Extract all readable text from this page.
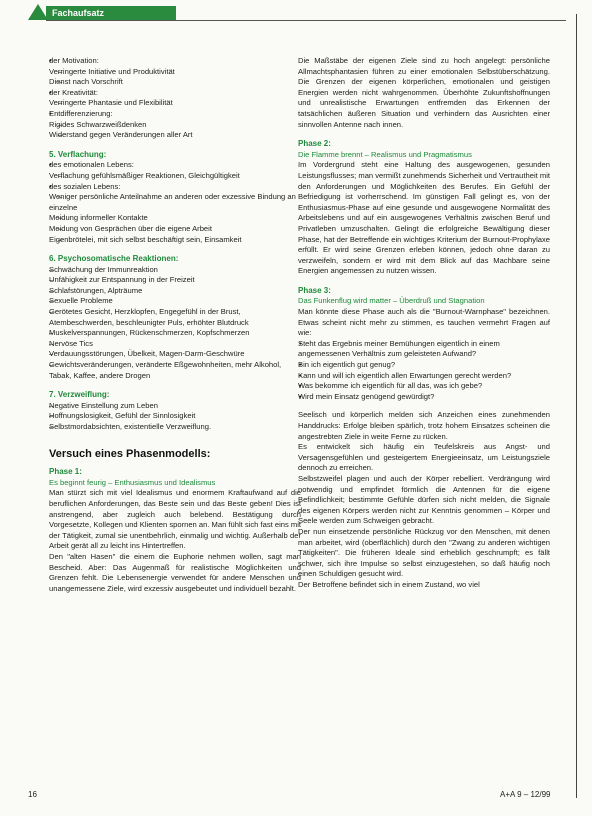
Fachaufsatz
• der Motivation:
– Verringerte Initiative und Produktivität
– Dienst nach Vorschrift
• der Kreativität:
– Verringerte Phantasie und Flexibilität
• Entdifferenzierung:
– Rigides Schwarzweißdenken
– Widerstand gegen Veränderungen aller Art
5. Verflachung:
• des emotionalen Lebens:
– Verflachung gefühlsmäßiger Reaktionen, Gleichgültigkeit
• des sozialen Lebens:
– Weniger persönliche Anteilnahme an anderen oder exzessive Bindung an einzelne
– Meidung informeller Kontakte
– Meidung von Gesprächen über die eigene Arbeit
– Eigenbrötelei, mit sich selbst beschäftigt sein, Einsamkeit
6. Psychosomatische Reaktionen:
– Schwächung der Immunreaktion
– Unfähigkeit zur Entspannung in der Freizeit
– Schlafstörungen, Alpträume
– Sexuelle Probleme
– Gerötetes Gesicht, Herzklopfen, Engegefühl in der Brust, Atembeschwerden, beschleunigter Puls, erhöhter Blutdruck
– Muskelverspannungen, Rückenschmerzen, Kopfschmerzen
– Nervöse Tics
– Verdauungsstörungen, Übelkeit, Magen-Darm-Geschwüre
– Gewichtsveränderungen, veränderte Eßgewohnheiten, mehr Alkohol, Tabak, Kaffee, andere Drogen
7. Verzweiflung:
– Negative Einstellung zum Leben
– Hoffnungslosigkeit, Gefühl der Sinnlosigkeit
– Selbstmordabsichten, existentielle Verzweiflung.
Versuch eines Phasenmodells:
Phase 1:
Es beginnt feurig – Enthusiasmus und Idealismus

Man stürzt sich mit viel Idealismus und enormem Kraftaufwand auf die beruflichen Anforderungen, das Beste sein und das Beste geben! Dies ist anstrengend, aber zugleich auch belebend. Bestätigung durch Vorgesetzte, Kollegen und Klienten spornen an. Man fühlt sich fast eins mit der Tätigkeit, zumal sie unentbehrlich, einmalig und wichtig. Außerhalb der Arbeit gerät all zu leicht ins Hintertreffen.

Den "alten Hasen" die einem die Euphorie nehmen wollen, sagt man Bescheid. Aber: Das Augenmaß für realistische Möglichkeiten und Grenzen fehlt. Die Lebensenergie verwendet für andere Menschen und unangemessene Ziele, wird exzessiv ausgebeutet und individuell bezahlt.

Die Maßstäbe der eigenen Ziele sind zu hoch angelegt: persönliche Allmachtsphantasien führen zu einer emotionalen Selbstüberschätzung. Die Grenzen der eigenen körperlichen, emotionalen und geistigen Energien werden nicht wahrgenommen. Überhöhte Zukunftshoffnungen und unrealistische Erwartungen entfremden das Erkennen der tatsächlichen äußeren Situation und verhindern das Ausrichten einer sinnvollen Antenne nach innen.

Phase 2:
Die Flamme brennt – Realismus und Pragmatismus

Im Vordergrund steht eine Haltung des ausgewogenen, gesunden Leistungsflusses; man vermißt zunehmends Sicherheit und Vertrautheit mit den Anforderungen und Möglichkeiten des Berufes. Ein Gefühl der Befriedigung ist vorherrschend. Im günstigen Fall gelingt es, von der Enthusiasmus-Phase auf eine gesunde und ausgewogene Normalität des Arbeitslebens und auf ein ausgewogenes Verhältnis zwischen Beruf und Privatleben umzuschalten. Gelingt die erfolgreiche Bewältigung dieser Phase, hat der Betreffende ein wichtiges Kriterium der Burnout-Prophylaxe erfüllt. Er wird seine Grenzen erleben können, jedoch ohne daran zu verzweifeln, sondern er wird mit dem Blick auf das Machbare seine Energien angemessen zu nutzen wissen.

Phase 3:
Das Funkenflug wird matter – Überdruß und Stagnation

Man könnte diese Phase auch als die "Burnout-Warnphase" bezeichnen. Etwas scheint nicht mehr zu stimmen, es tauchen vermehrt Fragen auf wie:

• Steht das Ergebnis meiner Bemühungen eigentlich in einem angemessenen Verhältnis zum geleisteten Aufwand?
• Bin ich eigentlich gut genug?
• Kann und will ich eigentlich allen Erwartungen gerecht werden?
• Was bekomme ich eigentlich für all das, was ich gebe?
• Wird mein Einsatz genügend gewürdigt?

Seelisch und körperlich melden sich Anzeichen eines zunehmenden Handdrucks: Erfolge bleiben spärlich, trotz hohem Einsatzes scheinen die angestrebten Ziele in weite Ferne zu rücken.

Es entwickelt sich häufig ein Teufelskreis aus Angst- und Versagensgefühlen und gesteigertem Energieeinsatz, um Leistungsziele dennoch zu erreichen.

Selbstzweifel plagen und auch der Körper rebelliert. Verdrängung wird notwendig und empfindet förmlich die Antennen für die eigene Befindlichkeit; bestimmte Gefühle dürfen sich nicht melden, die Signale des eigenen Körpers werden nicht zur Kenntnis genommen – Körper und Seele werden zum Schweigen gebracht.

Der nun einsetzende persönliche Rückzug vor den Menschen, mit denen man arbeitet, wird (oberflächlich) durch den "Zwang zu anderen wichtigen Tätigkeiten". Die früheren Ideale sind erheblich geschrumpft; es fällt schwer, sich ihre Impulse so selbst einzugestehen, so daß häufig noch einen Schuldigen gesucht wird.

Der Betroffene befindet sich in einem Zustand, wo viel

16	A+A 9 – 12/99
